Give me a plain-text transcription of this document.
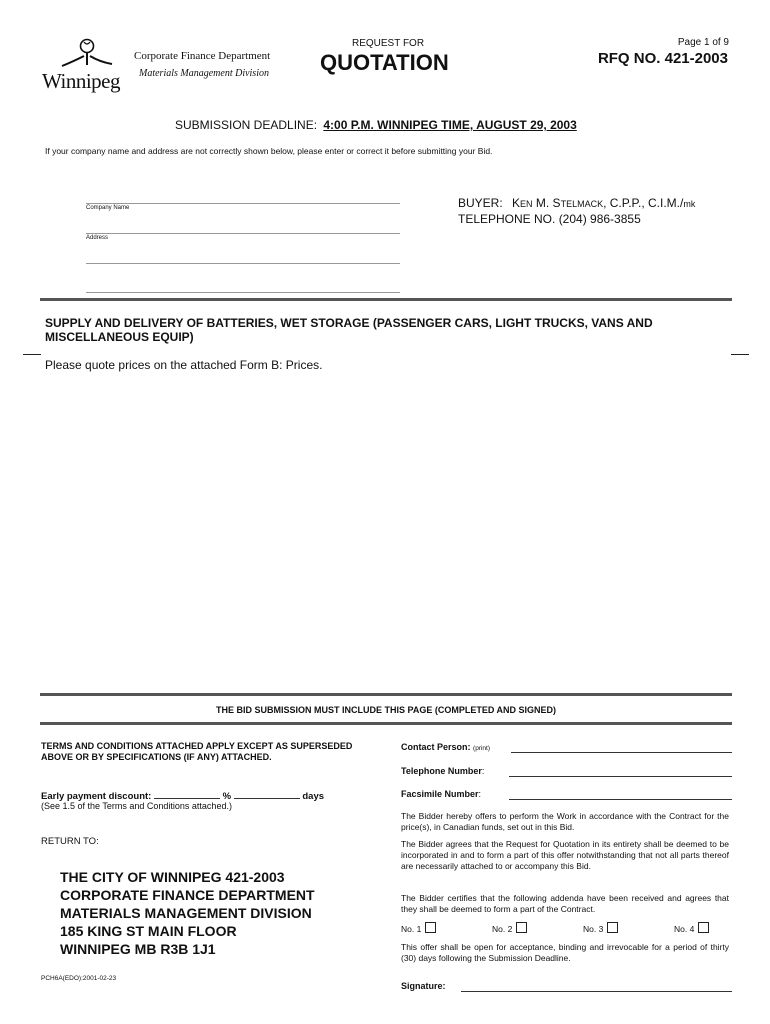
Winnipeg
Corporate Finance Department
Materials Management Division
REQUEST FOR
QUOTATION
Page 1 of 9
RFQ NO. 421-2003
SUBMISSION DEADLINE: 4:00 P.M. WINNIPEG TIME, AUGUST 29, 2003
If your company name and address are not correctly shown below, please enter or correct it before submitting your Bid.
Company Name
Address
BUYER: KEN M. STELMACK, C.P.P., C.I.M./mk
TELEPHONE NO. (204) 986-3855
SUPPLY AND DELIVERY OF BATTERIES, WET STORAGE (PASSENGER CARS, LIGHT TRUCKS, VANS AND MISCELLANEOUS EQUIP)
Please quote prices on the attached Form B: Prices.
THE BID SUBMISSION MUST INCLUDE THIS PAGE (COMPLETED AND SIGNED)
TERMS AND CONDITIONS ATTACHED APPLY EXCEPT AS SUPERSEDED ABOVE OR BY SPECIFICATIONS (IF ANY) ATTACHED.
Early payment discount:	%	days
(See 1.5 of the Terms and Conditions attached.)
RETURN TO:
THE CITY OF WINNIPEG 421-2003
CORPORATE FINANCE DEPARTMENT
MATERIALS MANAGEMENT DIVISION
185 KING ST MAIN FLOOR
WINNIPEG MB R3B 1J1
PCH6A(EDO):2001-02-23
Contact Person: (print)
Telephone Number:
Facsimile Number:
The Bidder hereby offers to perform the Work in accordance with the Contract for the price(s), in Canadian funds, set out in this Bid.
The Bidder agrees that the Request for Quotation in its entirety shall be deemed to be incorporated in and to form a part of this offer notwithstanding that not all parts thereof are necessarily attached to or accompany this Bid.
The Bidder certifies that the following addenda have been received and agrees that they shall be deemed to form a part of the Contract.
No. 1	No. 2	No. 3	No. 4
This offer shall be open for acceptance, binding and irrevocable for a period of thirty (30) days following the Submission Deadline.
Signature:
